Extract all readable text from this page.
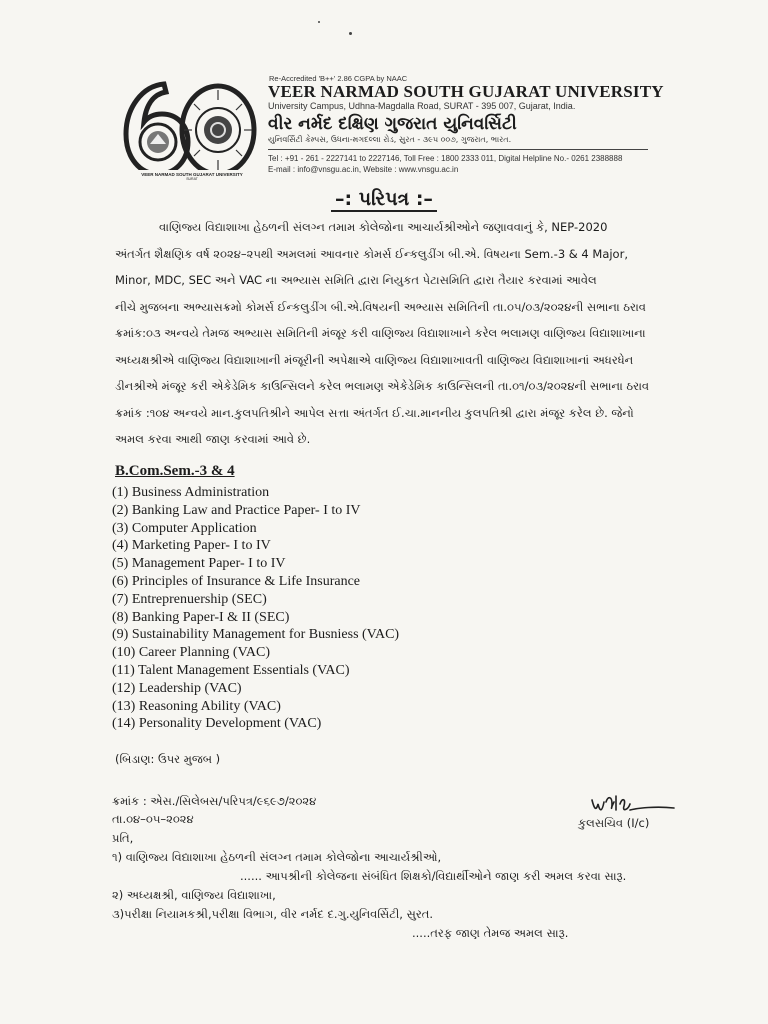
VEER NARMAD SOUTH GUJARAT UNIVERSITY
SURAT
Re-Accredited 'B++' 2.86 CGPA by NAAC
VEER NARMAD SOUTH GUJARAT UNIVERSITY
University Campus, Udhna-Magdalla Road, SURAT - 395 007, Gujarat, India.
વીર નર્મદ દક્ષિણ ગુજરાત યુનિવર્સિટી
યુનિવર્સિટી કેમ્પસ, ઉધના-મગદલ્લા રોડ, સુરત - ૩૯૫ ૦૦૭, ગુજરાત, ભારત.
Tel : +91 - 261 - 2227141 to 2227146, Toll Free : 1800 2333 011, Digital Helpline No.- 0261 2388888
E-mail : info@vnsgu.ac.in, Website : www.vnsgu.ac.in
–: પરિપત્ર :–
વાણિજ્ય વિદ્યાશાખા હેઠળની સંલગ્ન તમામ કોલેજોના આચાર્યશ્રીઓને જણાવવાનું કે, NEP-2020
અંતર્ગત શૈક્ષણિક વર્ષ ૨૦૨૪–૨૫થી અમલમાં આવનાર કોમર્સ ઈન્કલુડીંગ બી.એ. વિષયના Sem.-3 & 4 Major,
Minor, MDC, SEC અને VAC ના અભ્યાસ સમિતિ દ્વારા નિયુકત પેટાસમિતિ દ્વારા તૈયાર કરવામાં આવેલ
નીચે મુજબના અભ્યાસક્રમો કોમર્સ ઈન્કલુડીંગ બી.એ.વિષયની અભ્યાસ સમિતિની તા.૦૫/૦૩/૨૦૨૪ની સભાના ઠરાવ
ક્રમાંક:૦૩ અન્વયે તેમજ અભ્યાસ સમિતિની મંજૂર કરી વાણિજ્ય વિદ્યાશાખાને કરેલ ભલામણ વાણિજ્ય વિદ્યાશાખાના
અધ્યક્ષશ્રીએ વાણિજ્ય વિદ્યાશાખાની મંજૂરીની અપેક્ષાએ વાણિજ્ય વિદ્યાશાખાવતી વાણિજ્ય વિદ્યાશાખાનાં અધરધેન
ડીનશ્રીએ મંજૂર કરી એકેડેમિક કાઉન્સિલને કરેલ ભલામણ એકેડેમિક કાઉન્સિલની તા.૦૧/૦૩/૨૦૨૪ની સભાના ઠરાવ
ક્રમાંક :૧૦૪ અન્વયે માન.કુલપતિશ્રીને આપેલ સત્તા અંતર્ગત ઈ.ચા.માનનીય કુલપતિશ્રી દ્વારા મંજૂર કરેલ છે. જેનો
અમલ કરવા આથી જાણ કરવામાં આવે છે.
B.Com.Sem.-3 & 4
(1) Business Administration
(2) Banking Law and Practice Paper- I to IV
(3) Computer Application
(4) Marketing Paper- I to IV
(5) Management Paper- I to IV
(6) Principles of Insurance & Life Insurance
(7) Entreprenuership (SEC)
(8) Banking Paper-I & II (SEC)
(9) Sustainability Management for Busniess (VAC)
(10) Career Planning (VAC)
(11) Talent Management Essentials (VAC)
(12) Leadership (VAC)
(13) Reasoning Ability (VAC)
(14) Personality Development (VAC)
(બિડાણ: ઉપર મુજબ )
ક્રમાંક : એસ./સિલેબસ/પરિપત્ર/૯૬૯૭/૨૦૨૪
તા.૦૪–૦૫–૨૦૨૪	કુલસચિવ (I/c)
પ્રતિ,
૧) વાણિજ્ય વિદ્યાશાખા હેઠળની સંલગ્ન તમામ કોલેજોના આચાર્યશ્રીઓ,
...... આપશ્રીની કોલેજના સંબંધિત શિક્ષકો/વિદ્યાર્થીઓને જાણ કરી અમલ કરવા સારૂ.
૨) અધ્યક્ષશ્રી, વાણિજ્ય વિદ્યાશાખા,
૩)પરીક્ષા નિયામકશ્રી,પરીક્ષા વિભાગ, વીર નર્મદ દ.ગુ.યુનિવર્સિટી, સુરત.
.....તરફ જાણ તેમજ અમલ સારૂ.
